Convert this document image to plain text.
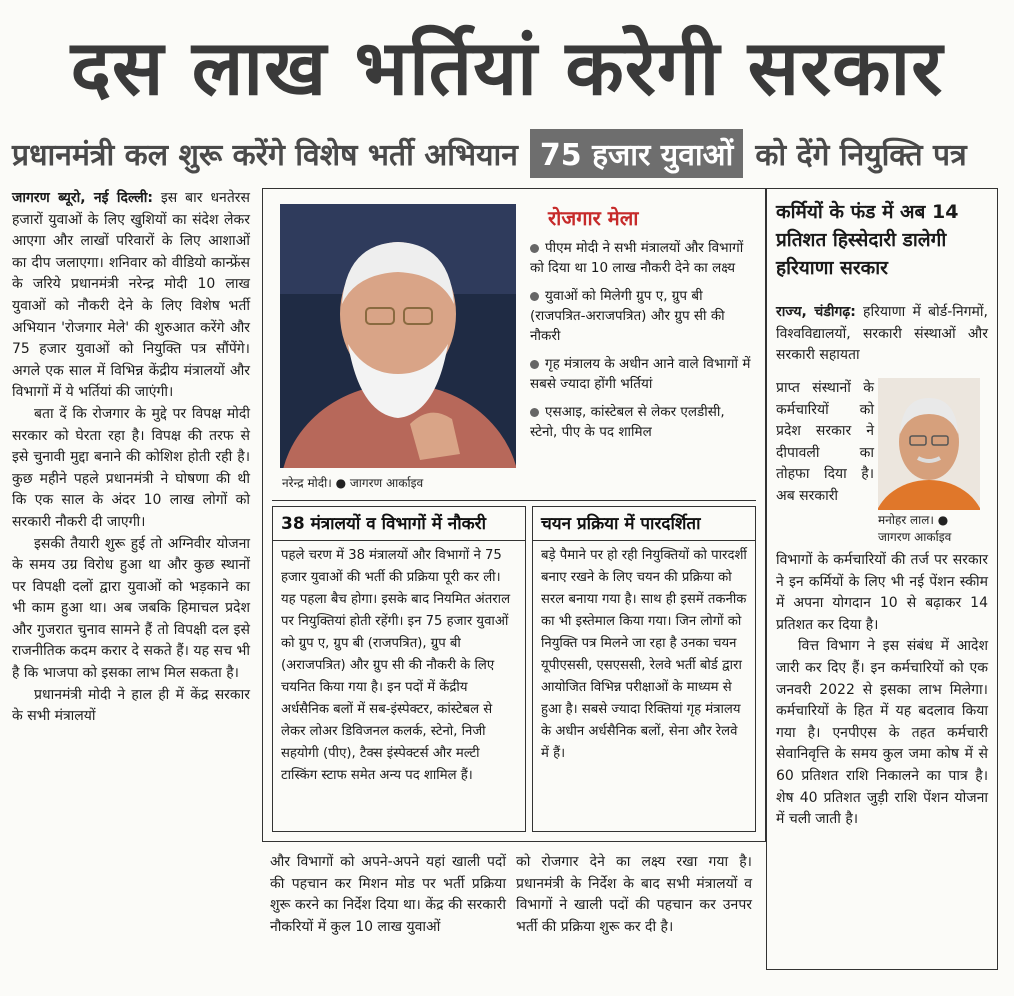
दस लाख भर्तियां करेगी सरकार
प्रधानमंत्री कल शुरू करेंगे विशेष भर्ती अभियान 75 हजार युवाओं को देंगे नियुक्ति पत्र

जागरण ब्यूरो, नई दिल्ली: इस बार धनतेरस हजारों युवाओं के लिए खुशियों का संदेश लेकर आएगा और लाखों परिवारों के लिए आशाओं का दीप जलाएगा। शनिवार को वीडियो कान्फ्रेंस के जरिये प्रधानमंत्री नरेन्द्र मोदी 10 लाख युवाओं को नौकरी देने के लिए विशेष भर्ती अभियान 'रोजगार मेले' की शुरुआत करेंगे और 75 हजार युवाओं को नियुक्ति पत्र सौंपेंगे। अगले एक साल में विभिन्न केंद्रीय मंत्रालयों और विभागों में ये भर्तियां की जाएंगी।

बता दें कि रोजगार के मुद्दे पर विपक्ष मोदी सरकार को घेरता रहा है। विपक्ष की तरफ से इसे चुनावी मुद्दा बनाने की कोशिश होती रही है। कुछ महीने पहले प्रधानमंत्री ने घोषणा की थी कि एक साल के अंदर 10 लाख लोगों को सरकारी नौकरी दी जाएगी।

इसकी तैयारी शुरू हुई तो अग्निवीर योजना के समय उग्र विरोध हुआ था और कुछ स्थानों पर विपक्षी दलों द्वारा युवाओं को भड़काने का भी काम हुआ था। अब जबकि हिमाचल प्रदेश और गुजरात चुनाव सामने हैं तो विपक्षी दल इसे राजनीतिक कदम करार दे सकते हैं। यह सच भी है कि भाजपा को इसका लाभ मिल सकता है।

प्रधानमंत्री मोदी ने हाल ही में केंद्र सरकार के सभी मंत्रालयों

नरेन्द्र मोदी। ● जागरण आर्काइव
रोजगार मेला
पीएम मोदी ने सभी मंत्रालयों और विभागों को दिया था 10 लाख नौकरी देने का लक्ष्य
युवाओं को मिलेगी ग्रुप ए, ग्रुप बी (राजपत्रित-अराजपत्रित) और ग्रुप सी की नौकरी
गृह मंत्रालय के अधीन आने वाले विभागों में सबसे ज्यादा होंगी भर्तियां
एसआइ, कांस्टेबल से लेकर एलडीसी, स्टेनो, पीए के पद शामिल
38 मंत्रालयों व विभागों में नौकरी
पहले चरण में 38 मंत्रालयों और विभागों ने 75 हजार युवाओं की भर्ती की प्रक्रिया पूरी कर ली। यह पहला बैच होगा। इसके बाद नियमित अंतराल पर नियुक्तियां होती रहेंगी। इन 75 हजार युवाओं को ग्रुप ए, ग्रुप बी (राजपत्रित), ग्रुप बी (अराजपत्रित) और ग्रुप सी की नौकरी के लिए चयनित किया गया है। इन पदों में केंद्रीय अर्धसैनिक बलों में सब-इंस्पेक्टर, कांस्टेबल से लेकर लोअर डिविजनल कलर्क, स्टेनो, निजी सहयोगी (पीए), टैक्स इंस्पेक्टर्स और मल्टी टास्किंग स्टाफ समेत अन्य पद शामिल हैं।
चयन प्रक्रिया में पारदर्शिता
बड़े पैमाने पर हो रही नियुक्तियों को पारदर्शी बनाए रखने के लिए चयन की प्रक्रिया को सरल बनाया गया है। साथ ही इसमें तकनीक का भी इस्तेमाल किया गया। जिन लोगों को नियुक्ति पत्र मिलने जा रहा है उनका चयन यूपीएससी, एसएससी, रेलवे भर्ती बोर्ड द्वारा आयोजित विभिन्न परीक्षाओं के माध्यम से हुआ है। सबसे ज्यादा रिक्तियां गृह मंत्रालय के अधीन अर्धसैनिक बलों, सेना और रेलवे में हैं।
और विभागों को अपने-अपने यहां खाली पदों की पहचान कर मिशन मोड पर भर्ती प्रक्रिया शुरू करने का निर्देश दिया था। केंद्र की सरकारी नौकरियों में कुल 10 लाख युवाओं
को रोजगार देने का लक्ष्य रखा गया है। प्रधानमंत्री के निर्देश के बाद सभी मंत्रालयों व विभागों ने खाली पदों की पहचान कर उनपर भर्ती की प्रक्रिया शुरू कर दी है।
कर्मियों के फंड में अब 14 प्रतिशत हिस्सेदारी डालेगी हरियाणा सरकार
राज्य, चंडीगढ़: हरियाणा में बोर्ड-निगमों, विश्वविद्यालयों, सरकारी संस्थाओं और सरकारी सहायता
प्राप्त संस्थानों के कर्मचारियों को प्रदेश सरकार ने दीपावली का तोहफा दिया है। अब सरकारी
मनोहर लाल। ● जागरण आर्काइव

विभागों के कर्मचारियों की तर्ज पर सरकार ने इन कर्मियों के लिए भी नई पेंशन स्कीम में अपना योगदान 10 से बढ़ाकर 14 प्रतिशत कर दिया है।

वित्त विभाग ने इस संबंध में आदेश जारी कर दिए हैं। इन कर्मचारियों को एक जनवरी 2022 से इसका लाभ मिलेगा। कर्मचारियों के हित में यह बदलाव किया गया है। एनपीएस के तहत कर्मचारी सेवानिवृत्ति के समय कुल जमा कोष में से 60 प्रतिशत राशि निकालने का पात्र है। शेष 40 प्रतिशत जुड़ी राशि पेंशन योजना में चली जाती है।
